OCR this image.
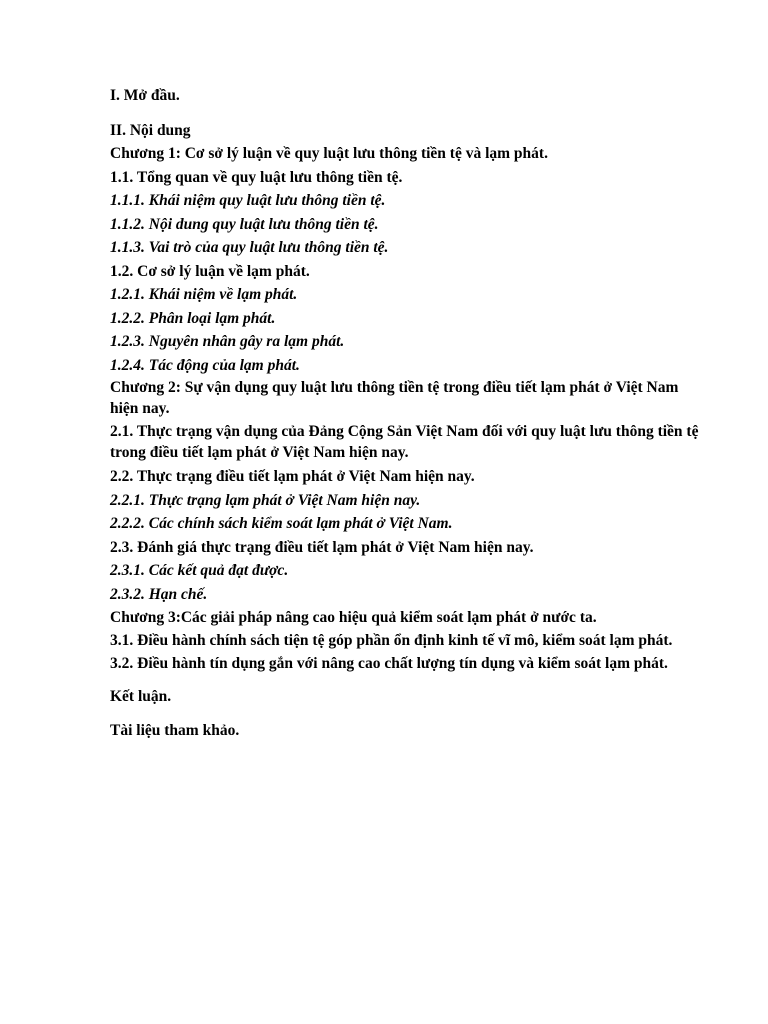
I. Mở đầu.

II. Nội dung

Chương 1: Cơ sở lý luận về quy luật lưu thông tiền tệ và lạm phát.

1.1. Tổng quan về quy luật lưu thông tiền tệ.

1.1.1. Khái niệm quy luật lưu thông tiền tệ.

1.1.2. Nội dung quy luật lưu thông tiền tệ.

1.1.3. Vai trò của quy luật lưu thông tiền tệ.

1.2. Cơ sở lý luận về lạm phát.

1.2.1. Khái niệm về lạm phát.

1.2.2. Phân loại lạm phát.

1.2.3. Nguyên nhân gây ra lạm phát.

1.2.4. Tác động của lạm phát.

Chương 2: Sự vận dụng quy luật lưu thông tiền tệ trong điều tiết lạm phát ở Việt Nam hiện nay.

2.1. Thực trạng vận dụng của Đảng Cộng Sản Việt Nam đối với quy luật lưu thông tiền tệ trong điều tiết lạm phát ở Việt Nam hiện nay.

2.2. Thực trạng điều tiết lạm phát ở Việt Nam hiện nay.

2.2.1. Thực trạng lạm phát ở Việt Nam hiện nay.

2.2.2. Các chính sách kiểm soát lạm phát ở Việt Nam.

2.3. Đánh giá thực trạng điều tiết lạm phát ở Việt Nam hiện nay.

2.3.1. Các kết quả đạt được.

2.3.2. Hạn chế.

Chương 3:Các giải pháp nâng cao hiệu quả kiểm soát lạm phát ở nước ta.

3.1. Điều hành chính sách tiện tệ góp phần ổn định kinh tế vĩ mô, kiểm soát lạm phát.

3.2. Điều hành tín dụng gắn với nâng cao chất lượng tín dụng và kiểm soát lạm phát.

Kết luận.

Tài liệu tham khảo.
